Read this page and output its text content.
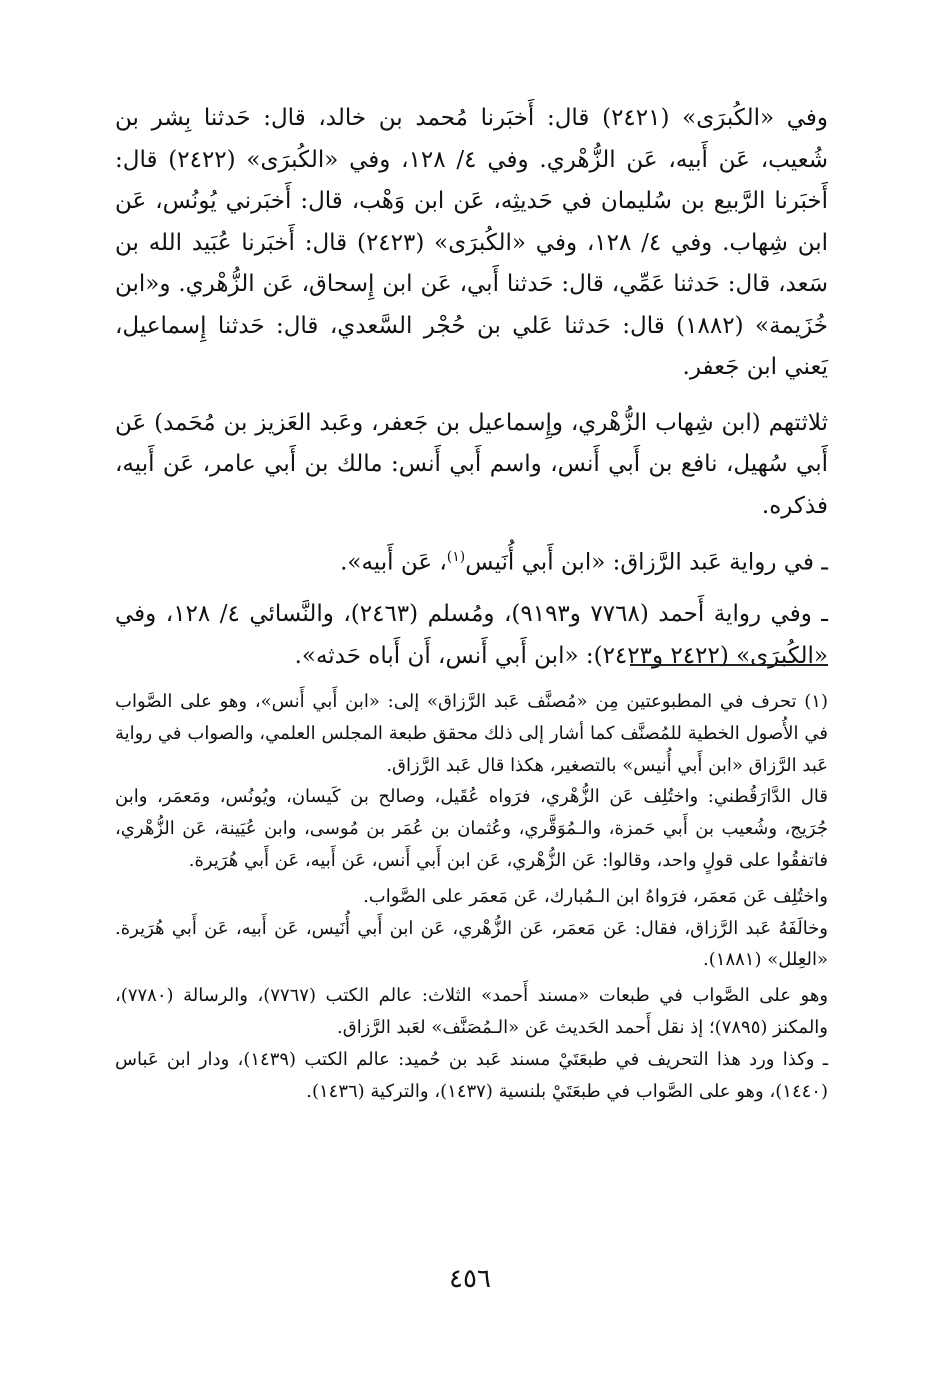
وفي «الكُبرَى» (٢٤٢١) قال: أَخبَرنا مُحمد بن خالد، قال: حَدثنا بِشر بن شُعيب، عَن أَبيه، عَن الزُّهْري. وفي ٤/ ١٢٨، وفي «الكُبرَى» (٢٤٢٢) قال: أَخبَرنا الرَّبيع بن سُليمان في حَديثِه، عَن ابن وَهْب، قال: أَخبَرني يُونُس، عَن ابن شِهاب. وفي ٤/ ١٢٨، وفي «الكُبرَى» (٢٤٢٣) قال: أَخبَرنا عُبَيد الله بن سَعد، قال: حَدثنا عَمِّي، قال: حَدثنا أَبي، عَن ابن إِسحاق، عَن الزُّهْري. و«ابن خُزَيمة» (١٨٨٢) قال: حَدثنا عَلي بن حُجْر السَّعدي، قال: حَدثنا إِسماعيل، يَعني ابن جَعفر.

ثلاثتهم (ابن شِهاب الزُّهْري، وإِسماعيل بن جَعفر، وعَبد العَزيز بن مُحَمد) عَن أَبي سُهيل، نافع بن أَبي أَنس، واسم أَبي أَنس: مالك بن أَبي عامر، عَن أَبيه، فذكره.

ـ في رواية عَبد الرَّزاق: «ابن أَبي أُنَيس$^{(١)}$، عَن أَبيه».

ـ وفي رواية أَحمد (٧٧٦٨ و٩١٩٣)، ومُسلم (٢٤٦٣)، والنَّسائي ٤/ ١٢٨، وفي «الكُبرَى» (٢٤٢٢ و٢٤٢٣): «ابن أَبي أَنس، أَن أَباه حَدثه».

(١) تحرف في المطبوعتين مِن «مُصنَّف عَبد الرَّزاق» إلى: «ابن أَبي أَنس»، وهو على الصَّواب في الأُصول الخطية للمُصنَّف كما أشار إلى ذلك محقق طبعة المجلس العلمي، والصواب في رواية عَبد الرَّزاق «ابن أَبي أُنيس» بالتصغير، هكذا قال عَبد الرَّزاق.

قال الدَّارَقُطني: واختُلِف عَن الزُّهْري، فرَواه عُقَيل، وصالح بن كَيسان، ويُونُس، ومَعمَر، وابن جُرَيج، وشُعيب بن أَبي حَمزة، والـمُوَقَّري، وعُثمان بن عُمَر بن مُوسى، وابن عُيَينة، عَن الزُّهْري، فاتفقُوا على قولٍ واحد، وقالوا: عَن الزُّهْري، عَن ابن أَبي أَنس، عَن أَبيه، عَن أَبي هُرَيرة.

واختُلِف عَن مَعمَر، فرَواهُ ابن الـمُبارك، عَن مَعمَر على الصَّواب.

وخالَفَهُ عَبد الرَّزاق، فقال: عَن مَعمَر، عَن الزُّهْري، عَن ابن أَبي أُنَيس، عَن أَبيه، عَن أَبي هُرَيرة. «العِلل» (١٨٨١).

وهو على الصَّواب في طبعات «مسند أَحمد» الثلاث: عالم الكتب (٧٧٦٧)، والرسالة (٧٧٨٠)، والمكنز (٧٨٩٥)؛ إذ نقل أَحمد الحَديث عَن «الـمُصَنَّف» لعَبد الرَّزاق.

ـ وكذا ورد هذا التحريف في طبعَتَيْ مسند عَبد بن حُميد: عالم الكتب (١٤٣٩)، ودار ابن عَباس (١٤٤٠)، وهو على الصَّواب في طبعَتَيْ بلنسية (١٤٣٧)، والتركية (١٤٣٦).

٤٥٦
